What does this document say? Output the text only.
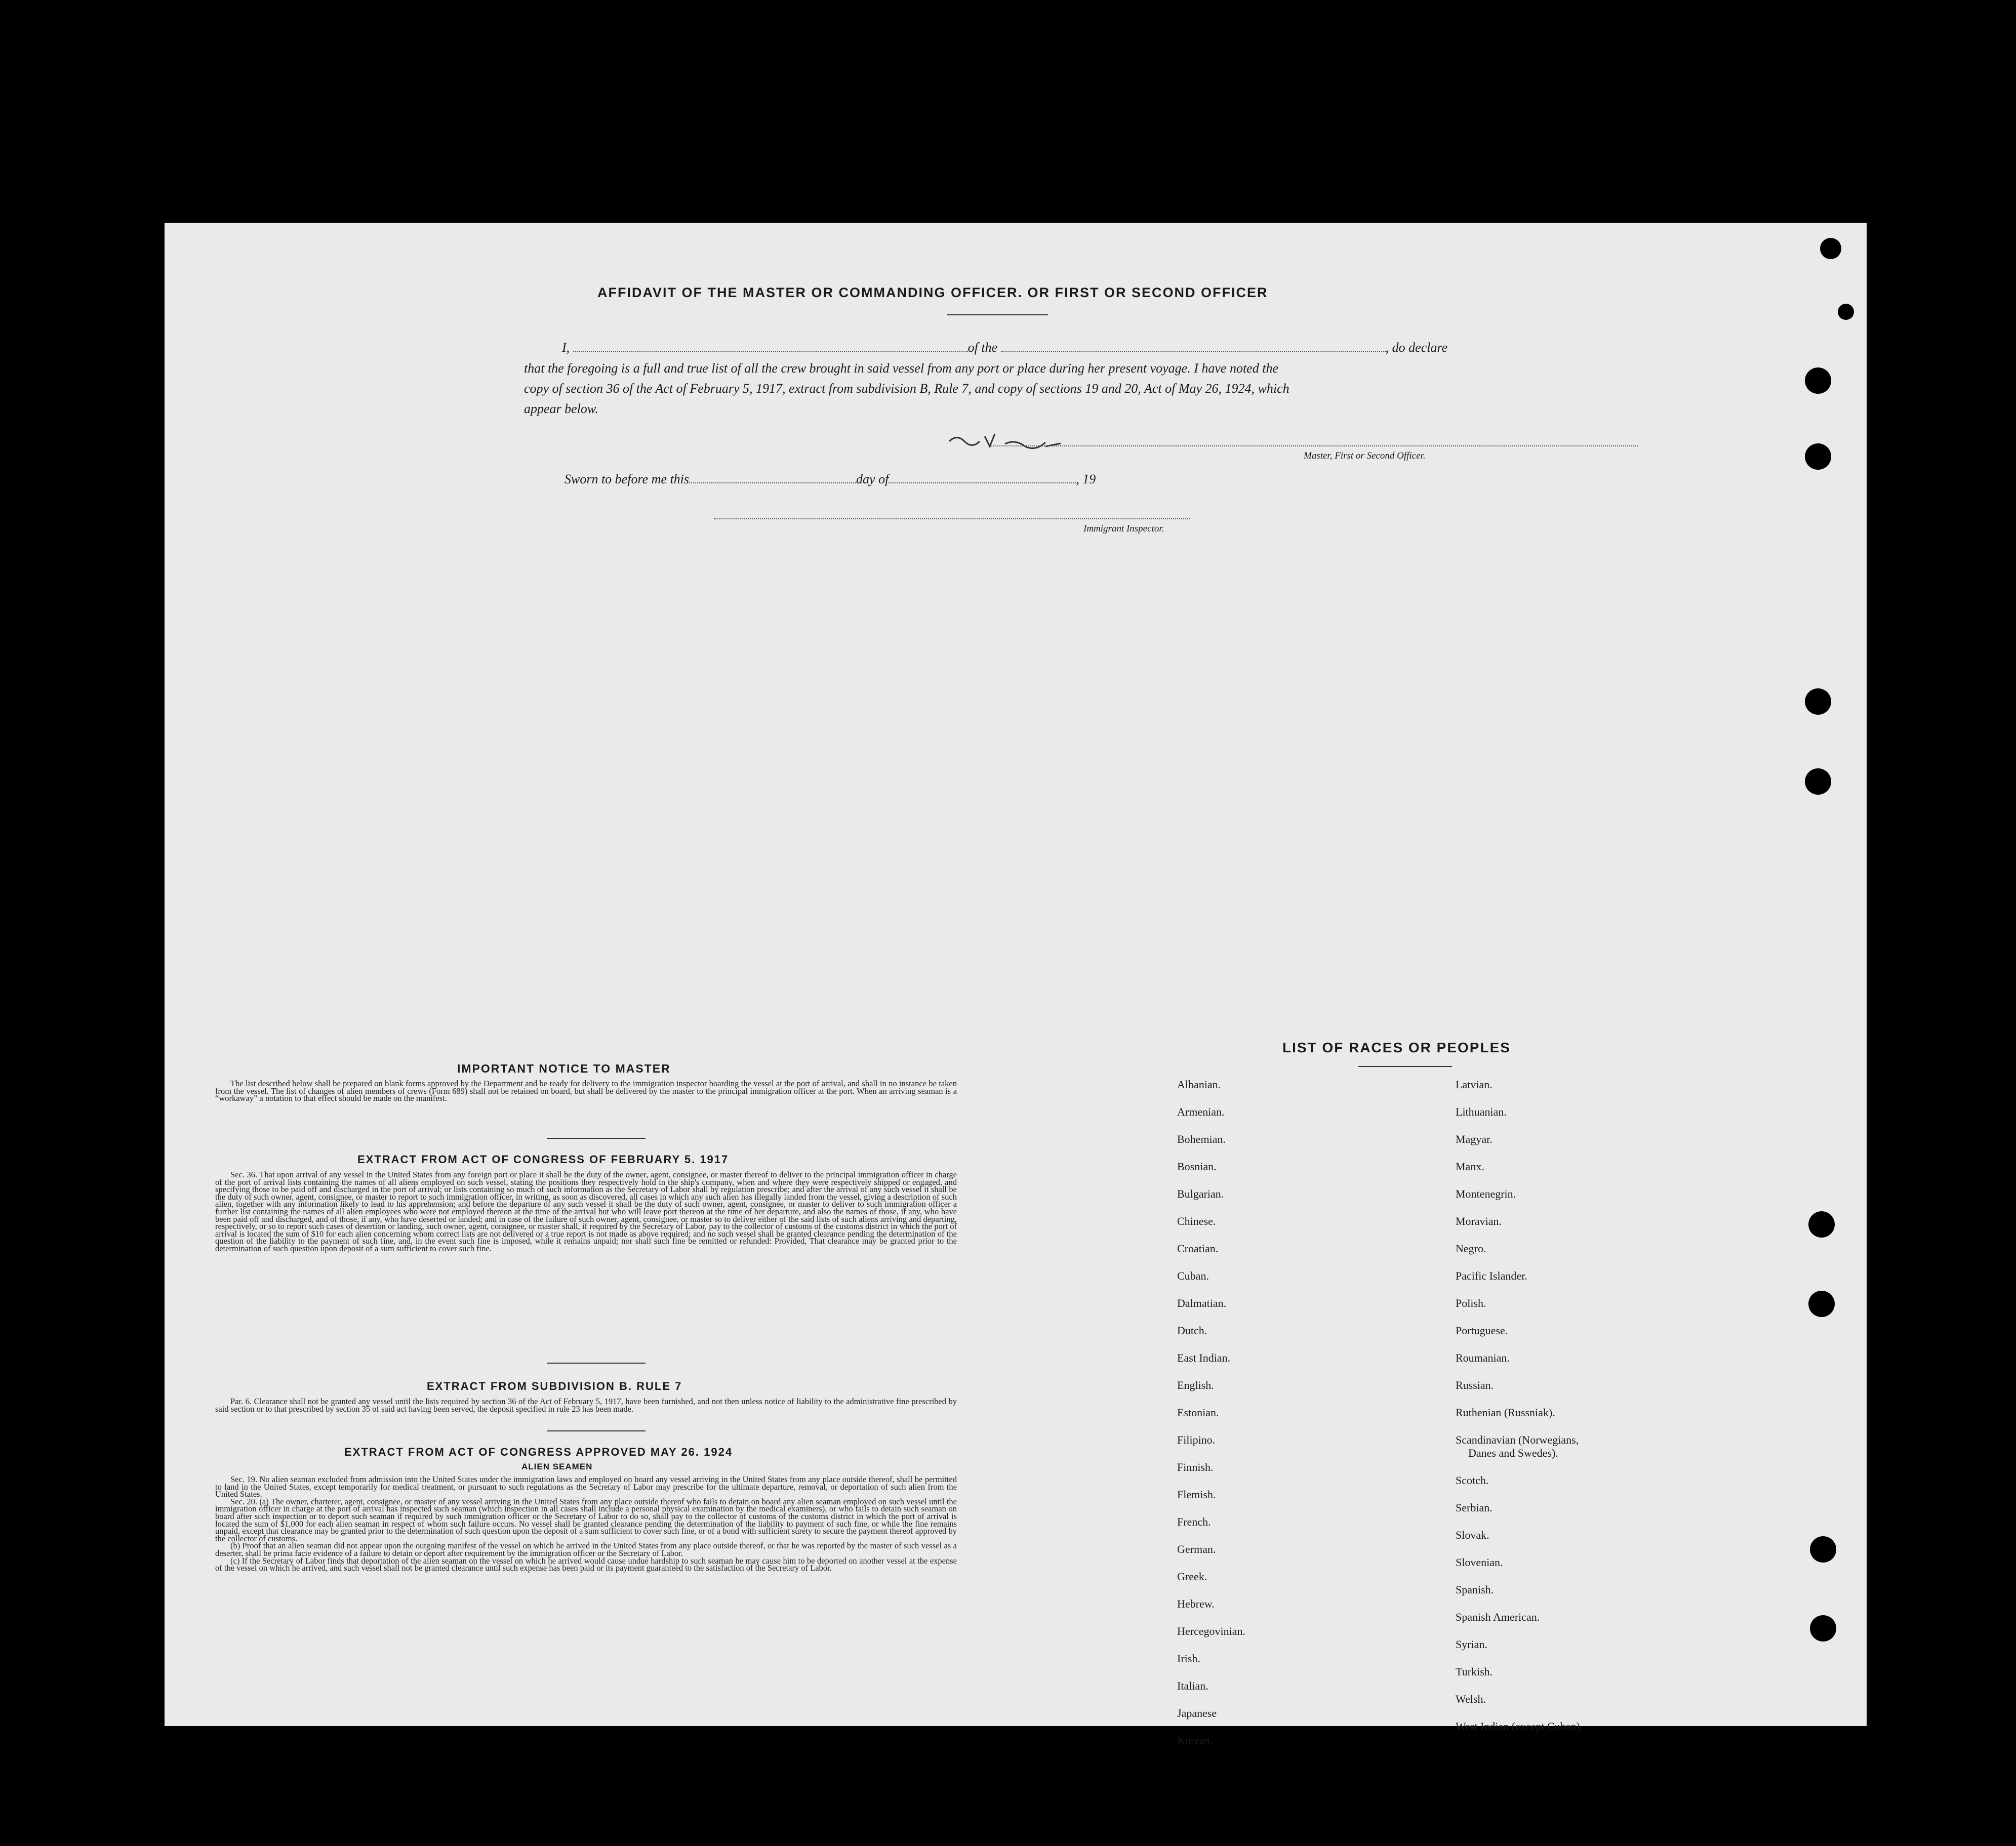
AFFIDAVIT OF THE MASTER OR COMMANDING OFFICER. OR FIRST OR SECOND OFFICER
I,	of the	, do declare
that the foregoing is a full and true list of all the crew brought in said vessel from any port or place during her present voyage. I have noted the
copy of section 36 of the Act of February 5, 1917, extract from subdivision B, Rule 7, and copy of sections 19 and 20, Act of May 26, 1924, which
appear below.
Master, First or Second Officer.
Sworn to before me this	day of	, 19
Immigrant Inspector.
IMPORTANT NOTICE TO MASTER

The list described below shall be prepared on blank forms approved by the Department and be ready for delivery to the immigration inspector boarding the vessel at the port of arrival, and shall in no instance be taken from the vessel. The list of changes of alien members of crews (Form 689) shall not be retained on board, but shall be delivered by the master to the principal immigration officer at the port. When an arriving seaman is a “workaway” a notation to that effect should be made on the manifest.

EXTRACT FROM ACT OF CONGRESS OF FEBRUARY 5. 1917

Sec. 36. That upon arrival of any vessel in the United States from any foreign port or place it shall be the duty of the owner, agent, consignee, or master thereof to deliver to the principal immigration officer in charge of the port of arrival lists containing the names of all aliens employed on such vessel, stating the positions they respectively hold in the ship's company, when and where they were respectively shipped or engaged, and specifying those to be paid off and discharged in the port of arrival; or lists containing so much of such information as the Secretary of Labor shall by regulation prescribe; and after the arrival of any such vessel it shall be the duty of such owner, agent, consignee, or master to report to such immigration officer, in writing, as soon as discovered, all cases in which any such alien has illegally landed from the vessel, giving a description of such alien, together with any information likely to lead to his apprehension; and before the departure of any such vessel it shall be the duty of such owner, agent, consignee, or master to deliver to such immigration officer a further list containing the names of all alien employees who were not employed thereon at the time of the arrival but who will leave port thereon at the time of her departure, and also the names of those, if any, who have been paid off and discharged, and of those, if any, who have deserted or landed; and in case of the failure of such owner, agent, consignee, or master so to deliver either of the said lists of such aliens arriving and departing, respectively, or so to report such cases of desertion or landing, such owner, agent, consignee, or master shall, if required by the Secretary of Labor, pay to the collector of customs of the customs district in which the port of arrival is located the sum of $10 for each alien concerning whom correct lists are not delivered or a true report is not made as above required; and no such vessel shall be granted clearance pending the determination of the question of the liability to the payment of such fine, and, in the event such fine is imposed, while it remains unpaid; nor shall such fine be remitted or refunded: Provided, That clearance may be granted prior to the determination of such question upon deposit of a sum sufficient to cover such fine.

EXTRACT FROM SUBDIVISION B. RULE 7

Par. 6. Clearance shall not be granted any vessel until the lists required by section 36 of the Act of February 5, 1917, have been furnished, and not then unless notice of liability to the administrative fine prescribed by said section or to that prescribed by section 35 of said act having been served, the deposit specified in rule 23 has been made.

EXTRACT FROM ACT OF CONGRESS APPROVED MAY 26. 1924
ALIEN SEAMEN

Sec. 19. No alien seaman excluded from admission into the United States under the immigration laws and employed on board any vessel arriving in the United States from any place outside thereof, shall be permitted to land in the United States, except temporarily for medical treatment, or pursuant to such regulations as the Secretary of Labor may prescribe for the ultimate departure, removal, or deportation of such alien from the United States.

Sec. 20. (a) The owner, charterer, agent, consignee, or master of any vessel arriving in the United States from any place outside thereof who fails to detain on board any alien seaman employed on such vessel until the immigration officer in charge at the port of arrival has inspected such seaman (which inspection in all cases shall include a personal physical examination by the medical examiners), or who fails to detain such seaman on board after such inspection or to deport such seaman if required by such immigration officer or the Secretary of Labor to do so, shall pay to the collector of customs of the customs district in which the port of arrival is located the sum of $1,000 for each alien seaman in respect of whom such failure occurs. No vessel shall be granted clearance pending the determination of the liability to payment of such fine, or while the fine remains unpaid, except that clearance may be granted prior to the determination of such question upon the deposit of a sum sufficient to cover such fine, or of a bond with sufficient surety to secure the payment thereof approved by the collector of customs.

(b) Proof that an alien seaman did not appear upon the outgoing manifest of the vessel on which he arrived in the United States from any place outside thereof, or that he was reported by the master of such vessel as a deserter, shall be prima facie evidence of a failure to detain or deport after requirement by the immigration officer or the Secretary of Labor.

(c) If the Secretary of Labor finds that deportation of the alien seaman on the vessel on which he arrived would cause undue hardship to such seaman he may cause him to be deported on another vessel at the expense of the vessel on which he arrived, and such vessel shall not be granted clearance until such expense has been paid or its payment guaranteed to the satisfaction of the Secretary of Labor.

LIST OF RACES OR PEOPLES
Albanian.
Armenian.
Bohemian.
Bosnian.
Bulgarian.
Chinese.
Croatian.
Cuban.
Dalmatian.
Dutch.
East Indian.
English.
Estonian.
Filipino.
Finnish.
Flemish.
French.
German.
Greek.
Hebrew.
Hercegovinian.
Irish.
Italian.
Japanese
Korean.
Latvian.
Lithuanian.
Magyar.
Manx.
Montenegrin.
Moravian.
Negro.
Pacific Islander.
Polish.
Portuguese.
Roumanian.
Russian.
Ruthenian (Russniak).
Scandinavian (Norwegians,
Danes and Swedes).
Scotch.
Serbian.
Slovak.
Slovenian.
Spanish.
Spanish American.
Syrian.
Turkish.
Welsh.
West Indian (except Cuban).
